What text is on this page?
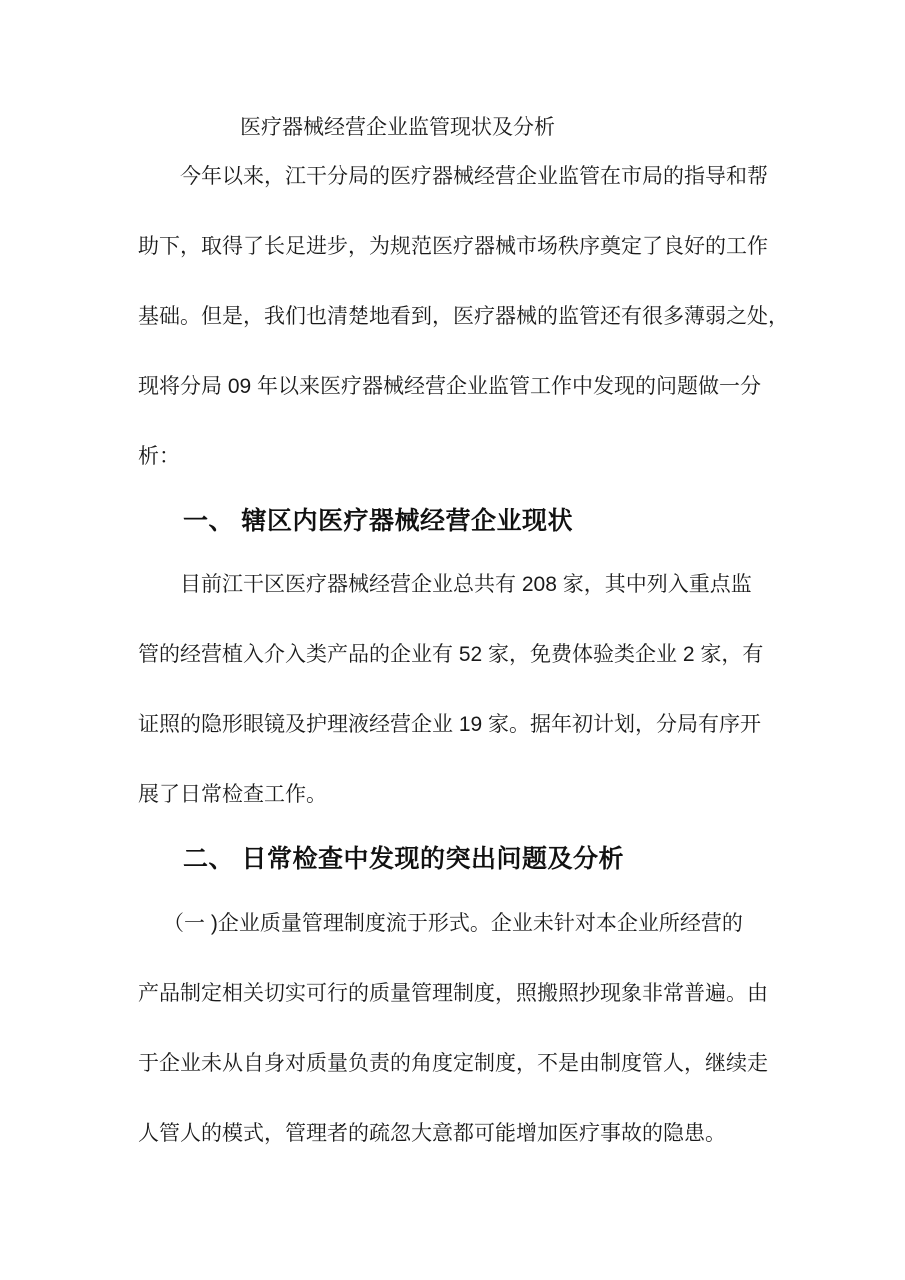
医疗器械经营企业监管现状及分析
今年以来，江干分局的医疗器械经营企业监管在市局的指导和帮
助下，取得了长足进步，为规范医疗器械市场秩序奠定了良好的工作
基础。但是，我们也清楚地看到，医疗器械的监管还有很多薄弱之处，
现将分局 09 年以来医疗器械经营企业监管工作中发现的问题做一分
析：
一、 辖区内医疗器械经营企业现状
目前江干区医疗器械经营企业总共有 208 家，其中列入重点监
管的经营植入介入类产品的企业有 52 家，免费体验类企业 2 家，有
证照的隐形眼镜及护理液经营企业 19 家。据年初计划，分局有序开
展了日常检查工作。
二、 日常检查中发现的突出问题及分析
（一 )企业质量管理制度流于形式。企业未针对本企业所经营的
产品制定相关切实可行的质量管理制度，照搬照抄现象非常普遍。由
于企业未从自身对质量负责的角度定制度，不是由制度管人，继续走
人管人的模式，管理者的疏忽大意都可能增加医疗事故的隐患。
